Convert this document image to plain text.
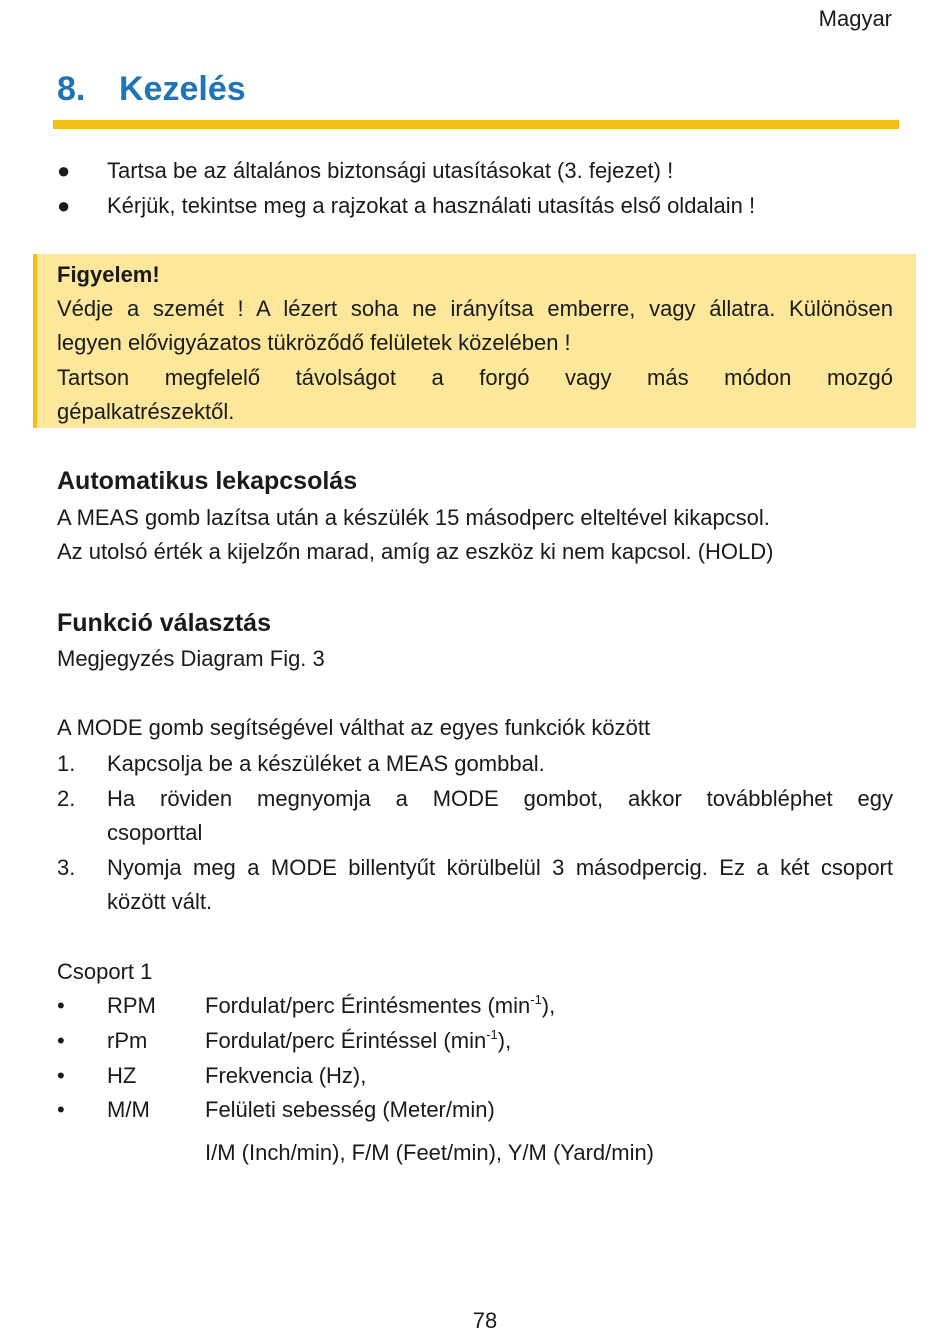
Magyar
8. Kezelés
● Tartsa be az általános biztonsági utasításokat (3. fejezet) !
● Kérjük, tekintse meg a rajzokat a használati utasítás első oldalain !
Figyelem!
Védje a szemét ! A lézert soha ne irányítsa emberre, vagy állatra. Különösen
legyen elővigyázatos tükröződő felületek közelében !
Tartson megfelelő távolságot a forgó vagy más módon mozgó
gépalkatrészektől.
Automatikus lekapcsolás
A MEAS gomb lazítsa után a készülék 15 másodperc elteltével kikapcsol.
Az utolsó érték a kijelzőn marad, amíg az eszköz ki nem kapcsol. (HOLD)
Funkció választás
Megjegyzés Diagram Fig. 3
A MODE gomb segítségével válthat az egyes funkciók között
1. Kapcsolja be a készüléket a MEAS gombbal.
2. Ha röviden megnyomja a MODE gombot, akkor továbbléphet egy
csoporttal
3. Nyomja meg a MODE billentyűt körülbelül 3 másodpercig. Ez a két csoport
között vált.
Csoport 1
• RPM Fordulat/perc Érintésmentes $(\min^{-1})$,
• rPm	Fordulat/perc Érintéssel $(\min^{-1})$,
• HZ	Frekvencia (Hz),
• M/M	Felületi sebesség (Meter/min)
I/M (Inch/min), F/M (Feet/min), Y/M (Yard/min)
78
